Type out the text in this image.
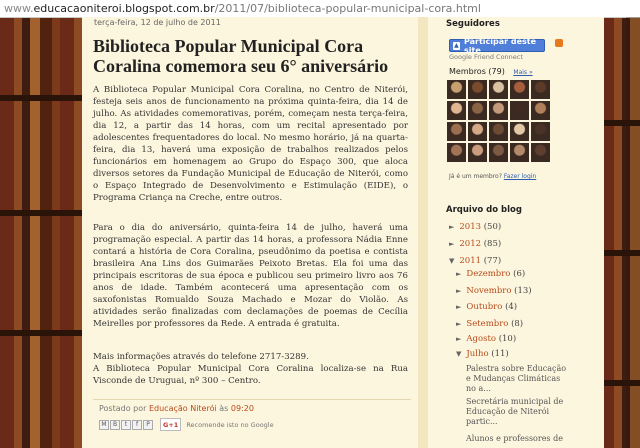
www. educacaoniteroi.blogspot.com.br /2011/07/biblioteca-popular-municipal-cora.html
terça-feira, 12 de julho de 2011
Biblioteca Popular Municipal Cora Coralina comemora seu 6° aniversário

A Biblioteca Popular Municipal Cora Coralina, no Centro de Niterói, festeja seis anos de funcionamento na próxima quinta-feira, dia 14 de julho. As atividades comemorativas, porém, começam nesta terça-feira, dia 12, a partir das 14 horas, com um recital apresentado por adolescentes frequentadores do local. No mesmo horário, já na quarta-feira, dia 13, haverá uma exposição de trabalhos realizados pelos funcionários em homenagem ao Grupo do Espaço 300, que aloca diversos setores da Fundação Municipal de Educação de Niterói, como o Espaço Integrado de Desenvolvimento e Estimulação (EIDE), o Programa Criança na Creche, entre outros.

Para o dia do aniversário, quinta-feira 14 de julho, haverá uma programação especial. A partir das 14 horas, a professora Nádia Enne contará a história de Cora Coralina, pseudônimo da poetisa e contista brasileira Ana Lins dos Guimarães Peixoto Bretas. Ela foi uma das principais escritoras de sua época e publicou seu primeiro livro aos 76 anos de idade. Também acontecerá uma apresentação com os saxofonistas Romualdo Souza Machado e Mozar do Violão. As atividades serão finalizadas com declamações de poemas de Cecília Meirelles por professores da Rede. A entrada é gratuita.

Mais informações através do telefone 2717-3289.

A Biblioteca Popular Municipal Cora Coralina localiza-se na Rua Visconde de Uruguai, nº 300 – Centro.

Postado por Educação Niterói às 09:20
M	B	t	f	P	G+1	Recomende isto no Google
Seguidores
▲ Participar deste site
Google Friend Connect
Membros (79) Mais »
Já é um membro? Fazer login
Arquivo do blog
► 2013 (50)
► 2012 (85)
▼ 2011 (77)
► Dezembro (6)
► Novembro (13)
► Outubro (4)
► Setembro (8)
► Agosto (10)
▼ Julho (11)
Palestra sobre Educação e Mudanças Climáticas no a...
Secretária municipal de Educação de Niterói partic...
Alunos e professores de
